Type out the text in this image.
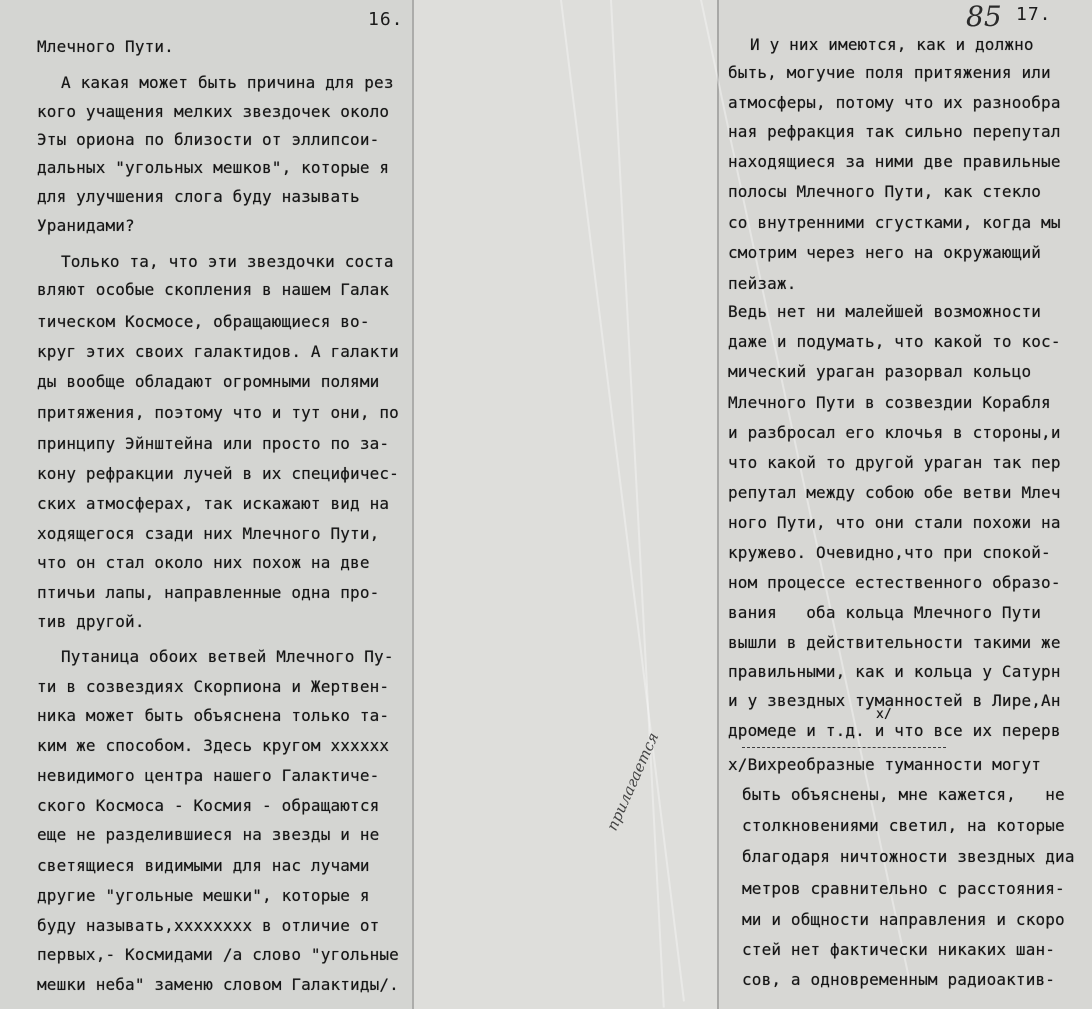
16.
Млечного Пути.
А какая может быть причина для рез
кого учащения мелких звездочек около
Эты ориона по близости от эллипсои-
дальных "угольных мешков", которые я
для улучшения слога буду называть
Уранидами?
Только та, что эти звездочки соста
вляют особые скопления в нашем Галак
тическом Космосе, обращающиеся во-
круг этих своих галактидов. А галакти
ды вообще обладают огромными полями
притяжения, поэтому что и тут они, по
принципу Эйнштейна или просто по за-
кону рефракции лучей в их специфичес-
ских атмосферах, так искажают вид на
ходящегося сзади них Млечного Пути,
что он стал около них похож на две
птичьи лапы, направленные одна про-
тив другой.
Путаница обоих ветвей Млечного Пу-
ти в созвездиях Скорпиона и Жертвен-
ника может быть объяснена только та-
ким же способом. Здесь кругом хххххх
невидимого центра нашего Галактиче-
ского Космоса - Космия - обращаются
еще не разделившиеся на звезды и не
светящиеся видимыми для нас лучами
другие "угольные мешки", которые я
буду называть,хххххххх в отличие от
первых,- Космидами /а слово "угольные
мешки неба" заменю словом Галактиды/.
прилагается
85 17.
И у них имеются, как и должно
быть, могучие поля притяжения или
атмосферы, потому что их разнообра
ная рефракция так сильно перепутал
находящиеся за ними две правильные
полосы Млечного Пути, как стекло
со внутренними сгустками, когда мы
смотрим через него на окружающий
пейзаж.
Ведь нет ни малейшей возможности
даже и подумать, что какой то кос-
мический ураган разорвал кольцо
Млечного Пути в созвездии Корабля
и разбросал его клочья в стороны,и
что какой то другой ураган так пер
репутал между собою обе ветви Млеч
ного Пути, что они стали похожи на
кружево. Очевидно,что при спокой-
ном процессе естественного образо-
вания   оба кольца Млечного Пути
вышли в действительности такими же
правильными, как и кольца у Сатурн
и у звездных туманностей в Лире,Ан
х/
дромеде и т.д. и что все их перерв
х/Вихреобразные туманности могут
быть объяснены, мне кажется,   не
столкновениями светил, на которые
благодаря ничтожности звездных диа
метров сравнительно с расстояния-
ми и общности направления и скоро
стей нет фактически никаких шан-
сов, а одновременным радиоактив-
